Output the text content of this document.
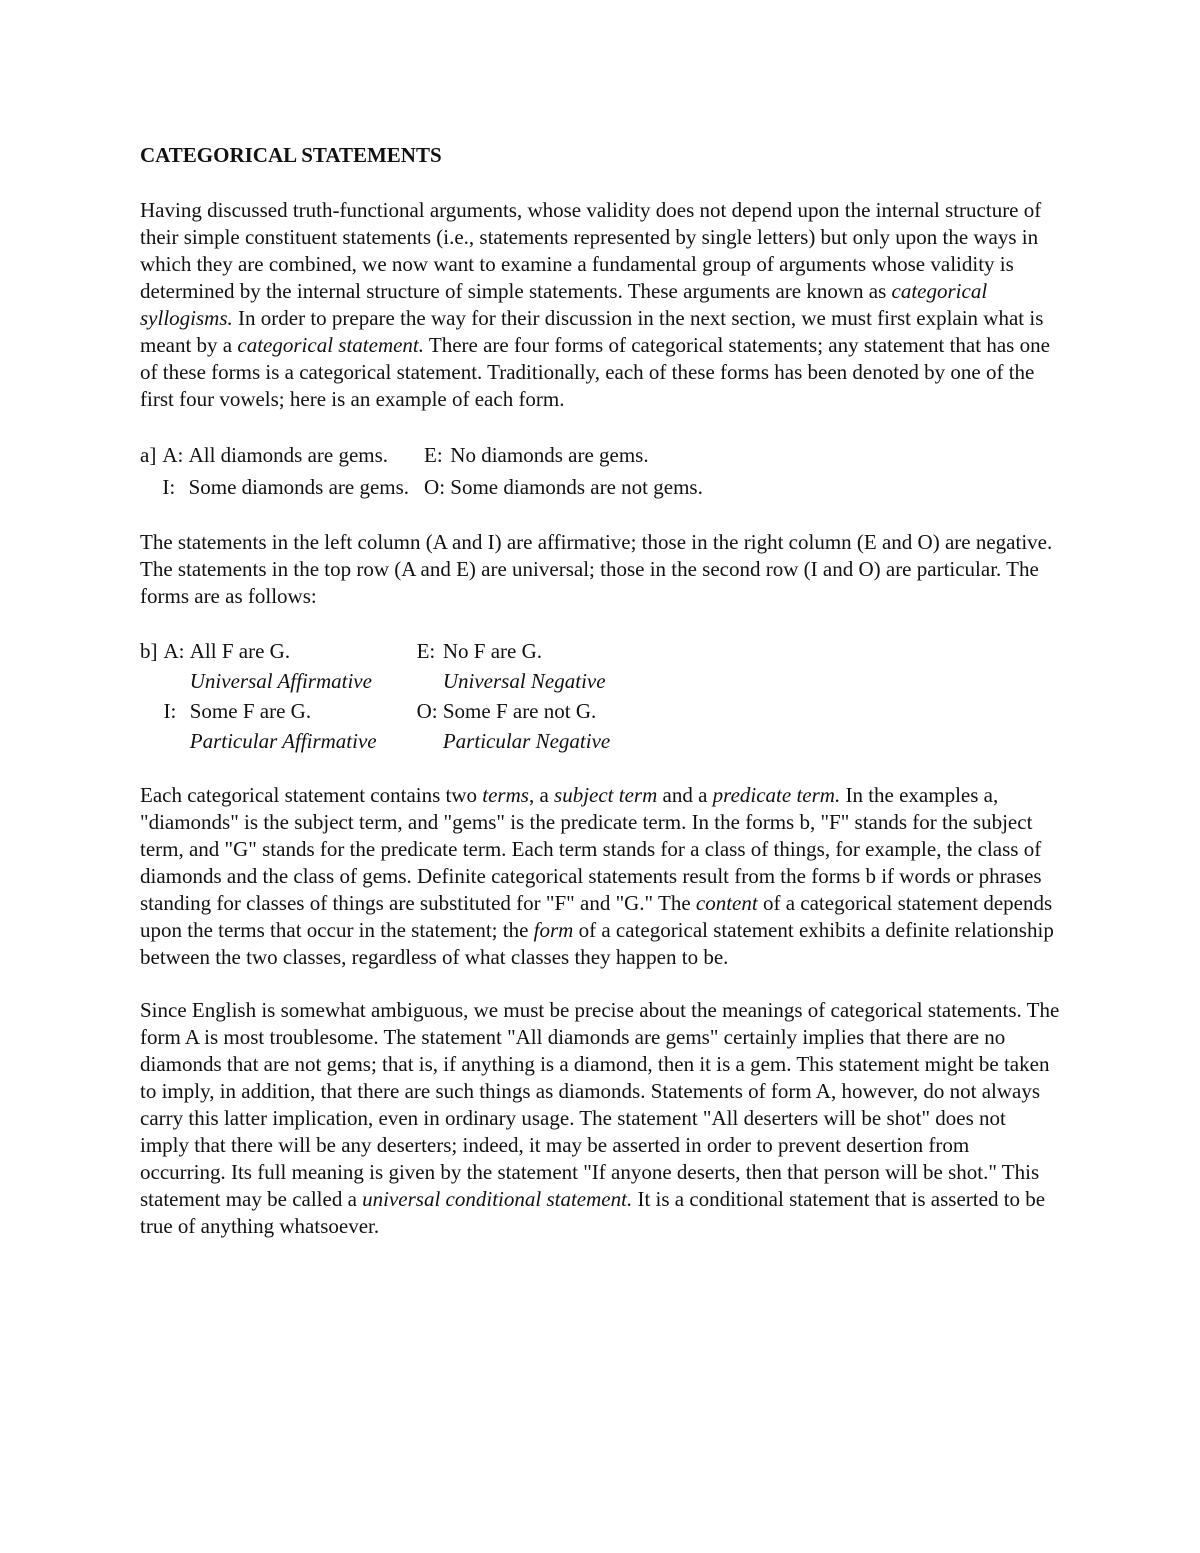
CATEGORICAL STATEMENTS

Having discussed truth-functional arguments, whose validity does not depend upon the internal structure of their simple constituent statements (i.e., statements represented by single letters) but only upon the ways in which they are combined, we now want to examine a fundamental group of arguments whose validity is determined by the internal structure of simple statements. These arguments are known as categorical syllogisms. In order to prepare the way for their discussion in the next section, we must first explain what is meant by a categorical statement. There are four forms of categorical statements; any statement that has one of these forms is a categorical statement. Traditionally, each of these forms has been denoted by one of the first four vowels; here is an example of each form.

a]	A:	All diamonds are gems.	E:	No diamonds are gems.
	I:	Some diamonds are gems.	O:	Some diamonds are not gems.

The statements in the left column (A and I) are affirmative; those in the right column (E and O) are negative. The statements in the top row (A and E) are universal; those in the second row (I and O) are particular. The forms are as follows:

b]	A:	All F are G.	E:	No F are G.
		Universal Affirmative		Universal Negative
	I:	Some F are G.	O:	Some F are not G.
		Particular Affirmative		Particular Negative

Each categorical statement contains two terms, a subject term and a predicate term. In the examples a, "diamonds" is the subject term, and "gems" is the predicate term. In the forms b, "F" stands for the subject term, and "G" stands for the predicate term. Each term stands for a class of things, for example, the class of diamonds and the class of gems. Definite categorical statements result from the forms b if words or phrases standing for classes of things are substituted for "F" and "G." The content of a categorical statement depends upon the terms that occur in the statement; the form of a categorical statement exhibits a definite relationship between the two classes, regardless of what classes they happen to be.

Since English is somewhat ambiguous, we must be precise about the meanings of categorical statements. The form A is most troublesome. The statement "All diamonds are gems" certainly implies that there are no diamonds that are not gems; that is, if anything is a diamond, then it is a gem. This statement might be taken to imply, in addition, that there are such things as diamonds. Statements of form A, however, do not always carry this latter implication, even in ordinary usage. The statement "All deserters will be shot" does not imply that there will be any deserters; indeed, it may be asserted in order to prevent desertion from occurring. Its full meaning is given by the statement "If anyone deserts, then that person will be shot." This statement may be called a universal conditional statement. It is a conditional statement that is asserted to be true of anything whatsoever.
